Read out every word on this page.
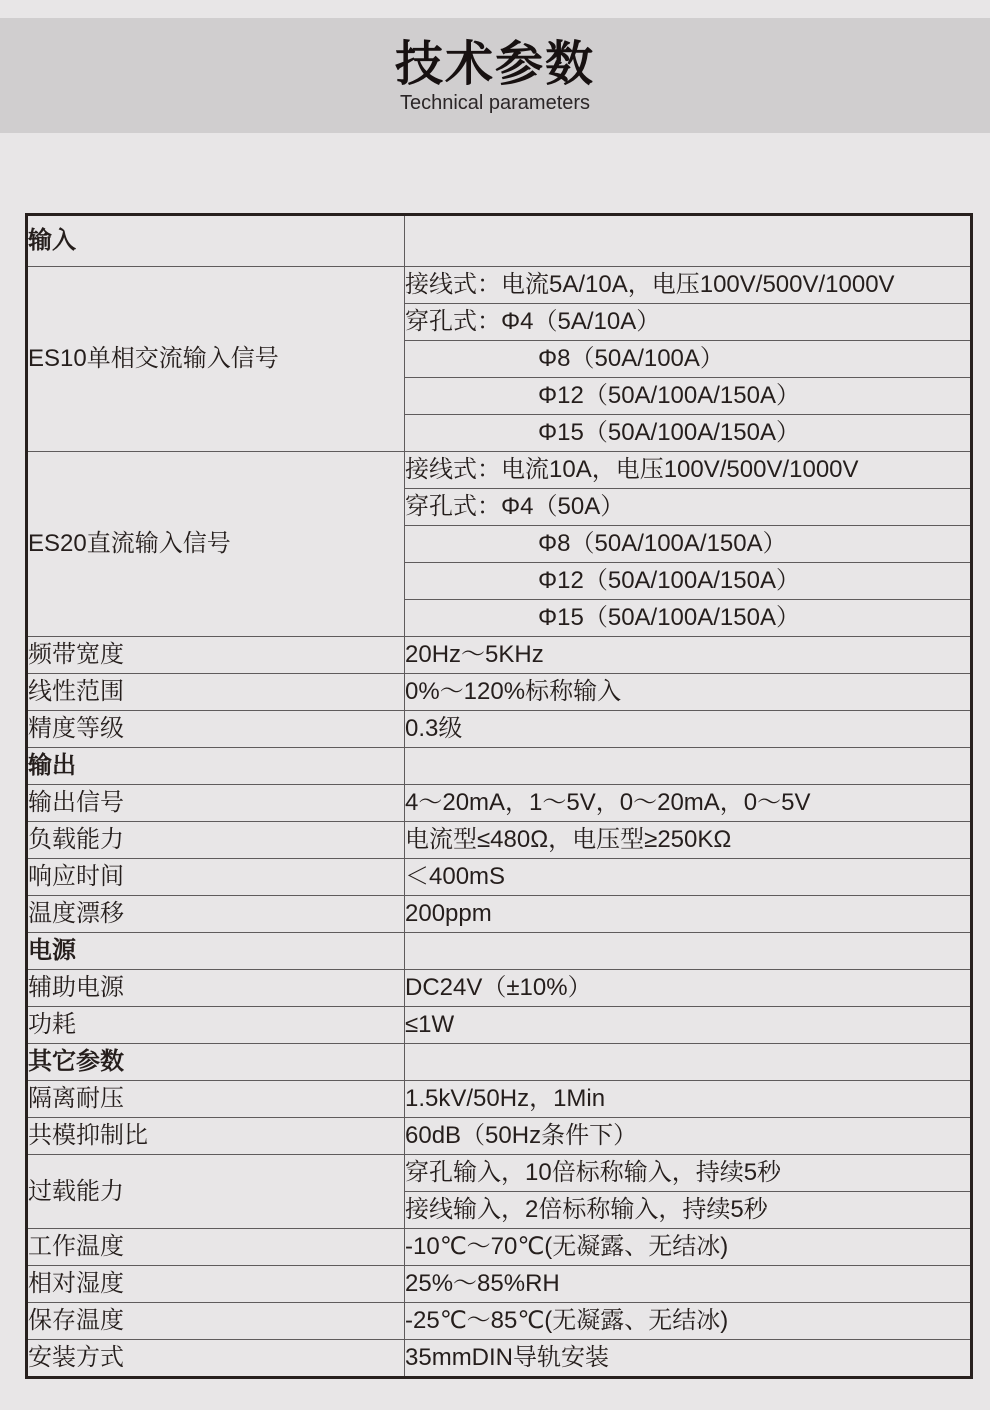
技术参数
Technical parameters
输入	

ES10单相交流输入信号	接线式：电流5A/10A，电压100V/500V/1000V
	穿孔式：Φ4（5A/10A）
	Φ8（50A/100A）
	Φ12（50A/100A/150A）
	Φ15（50A/100A/150A）

ES20直流输入信号	接线式：电流10A，电压100V/500V/1000V
	穿孔式：Φ4（50A）
	Φ8（50A/100A/150A）
	Φ12（50A/100A/150A）
	Φ15（50A/100A/150A）
频带宽度	20Hz～5KHz
线性范围	0%～120%标称输入
精度等级	0.3级
输出	
输出信号	4～20mA，1～5V，0～20mA，0～5V
负载能力	电流型≤480Ω，电压型≥250KΩ
响应时间	＜400mS
温度漂移	200ppm
电源	
辅助电源	DC24V（±10%）
功耗	≤1W
其它参数	
隔离耐压	1.5kV/50Hz，1Min
共模抑制比	60dB（50Hz条件下）

过载能力	穿孔输入，10倍标称输入，持续5秒
	接线输入，2倍标称输入，持续5秒
工作温度	-10℃～70℃(无凝露、无结冰)
相对湿度	25%～85%RH
保存温度	-25℃～85℃(无凝露、无结冰)
安装方式	35mmDIN导轨安装
